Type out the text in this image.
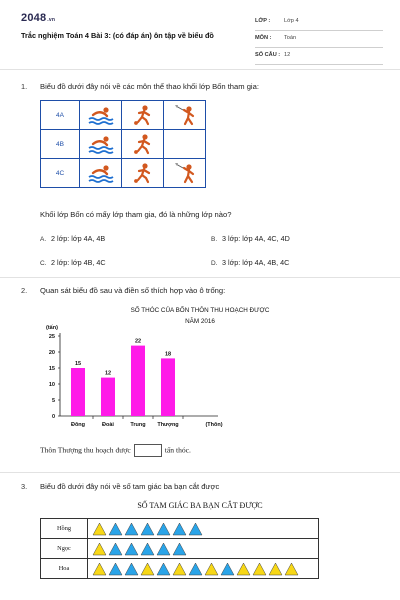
2048.vn
Trắc nghiệm Toán 4 Bài 3: (có đáp án) ôn tập về biểu đồ
LỚP : Lớp 4
MÔN : Toán
SỐ CÂU : 12
1. Biểu đồ dưới đây nói về các môn thể thao khối lớp Bốn tham gia:
4A	

4B	

4C	

Khối lớp Bốn có mấy lớp tham gia, đó là những lớp nào?
A. 2 lớp: lớp 4A, 4B	B. 3 lớp: lớp 4A, 4C, 4D
C. 2 lớp: lớp 4B, 4C	D. 3 lớp: lớp 4A, 4B, 4C
2. Quan sát biểu đồ sau và điền số thích hợp vào ô trống:
SỐ THÓC CỦA BỐN THÔN THU HOẠCH ĐƯỢC
NĂM 2016
(tấn)
0
5
10
15
20
25
15
Đông
12
Đoài
22
Trung
18
Thượng	(Thôn)
Thôn Thượng thu hoạch được	tấn thóc.
3. Biểu đồ dưới đây nói về số tam giác ba bạn cắt được
SỐ TAM GIÁC BA BẠN CẮT ĐƯỢC
Hồng	

Ngọc	

Hoa	
